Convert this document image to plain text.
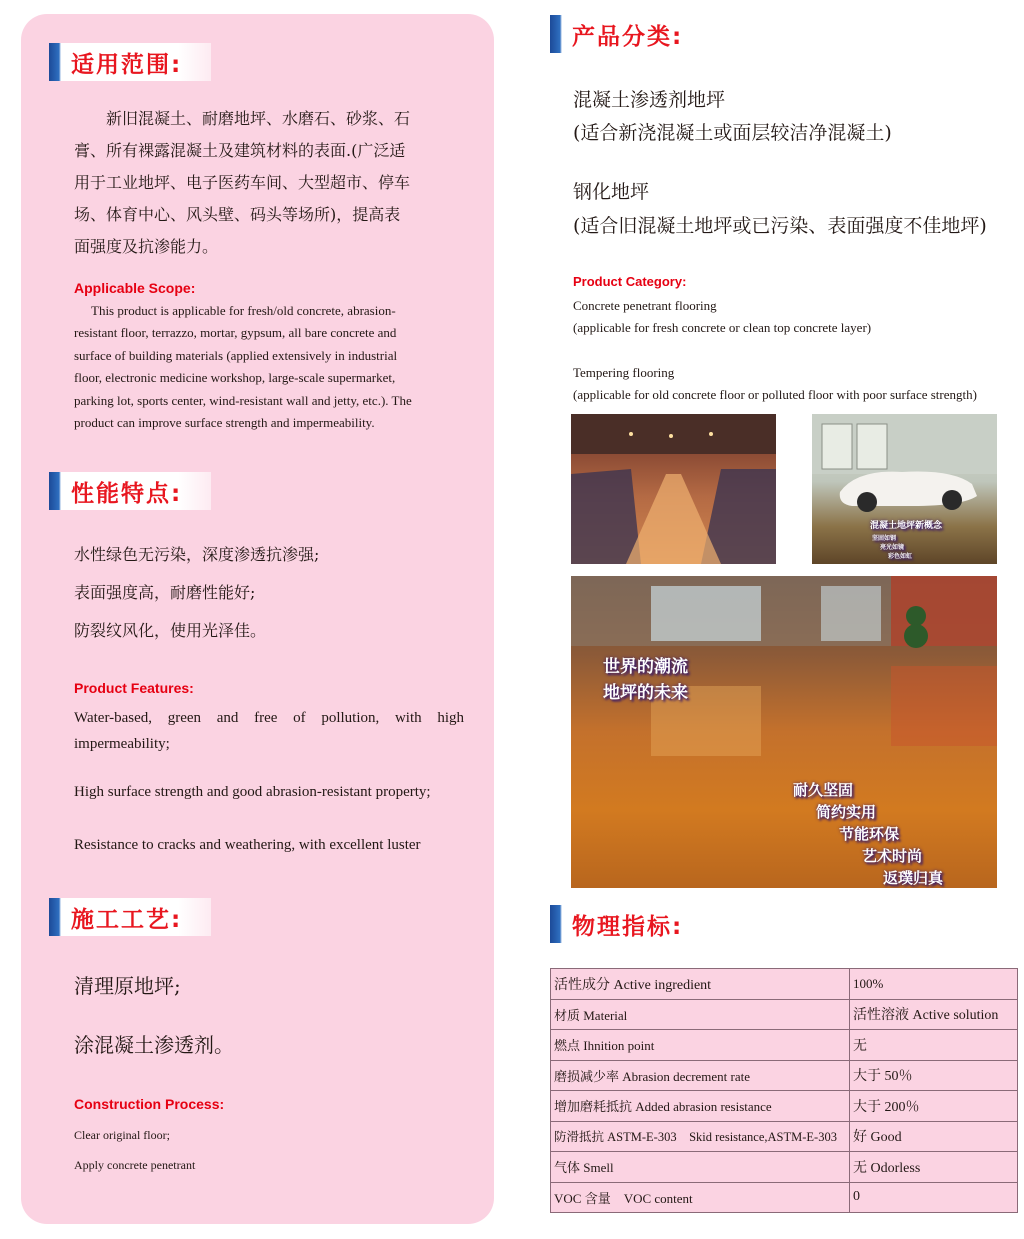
适用范围:
　　新旧混凝土、耐磨地坪、水磨石、砂浆、石
膏、所有裸露混凝土及建筑材料的表面.(广泛适
用于工业地坪、电子医药车间、大型超市、停车
场、体育中心、风头壁、码头等场所)，提高表
面强度及抗渗能力。
Applicable Scope:
This product is applicable for fresh/old concrete, abrasion-
resistant floor, terrazzo, mortar, gypsum, all bare concrete and
surface of building materials (applied extensively in industrial
floor, electronic medicine workshop, large-scale supermarket,
parking lot, sports center, wind-resistant wall and jetty, etc.). The
product can improve surface strength and impermeability.
性能特点:
水性绿色无污染，深度渗透抗渗强;
表面强度高，耐磨性能好;
防裂纹风化，使用光泽佳。
Product Features:
Water-based, green and free of pollution, with high
impermeability;
High surface strength and good abrasion-resistant property;
Resistance to cracks and weathering, with excellent luster
施工工艺:
清理原地坪;
涂混凝土渗透剂。
Construction Process:
Clear original floor;
Apply concrete penetrant
产品分类:
混凝土渗透剂地坪
(适合新浇混凝土或面层较洁净混凝土)
钢化地坪
(适合旧混凝土地坪或已污染、表面强度不佳地坪)
Product Category:
Concrete penetrant flooring
(applicable for fresh concrete or clean top concrete layer)
Tempering flooring
(applicable for old concrete floor or polluted floor with poor surface strength)
混凝土地坪新概念
坚固如钢
亮光如镜
彩色如虹
世界的潮流
地坪的未来
耐久坚固
简约实用
节能环保
艺术时尚
返璞归真
物理指标:
活性成分 Active ingredient	100%
材质 Material	活性溶液 Active solution
燃点 Ihnition point	无
磨损减少率 Abrasion decrement rate	大于 50％
增加磨耗抵抗 Added abrasion resistance	大于 200％
防滑抵抗 ASTM-E-303　Skid resistance,ASTM-E-303	好 Good
气体 Smell	无 Odorless
VOC 含量　VOC content	0
